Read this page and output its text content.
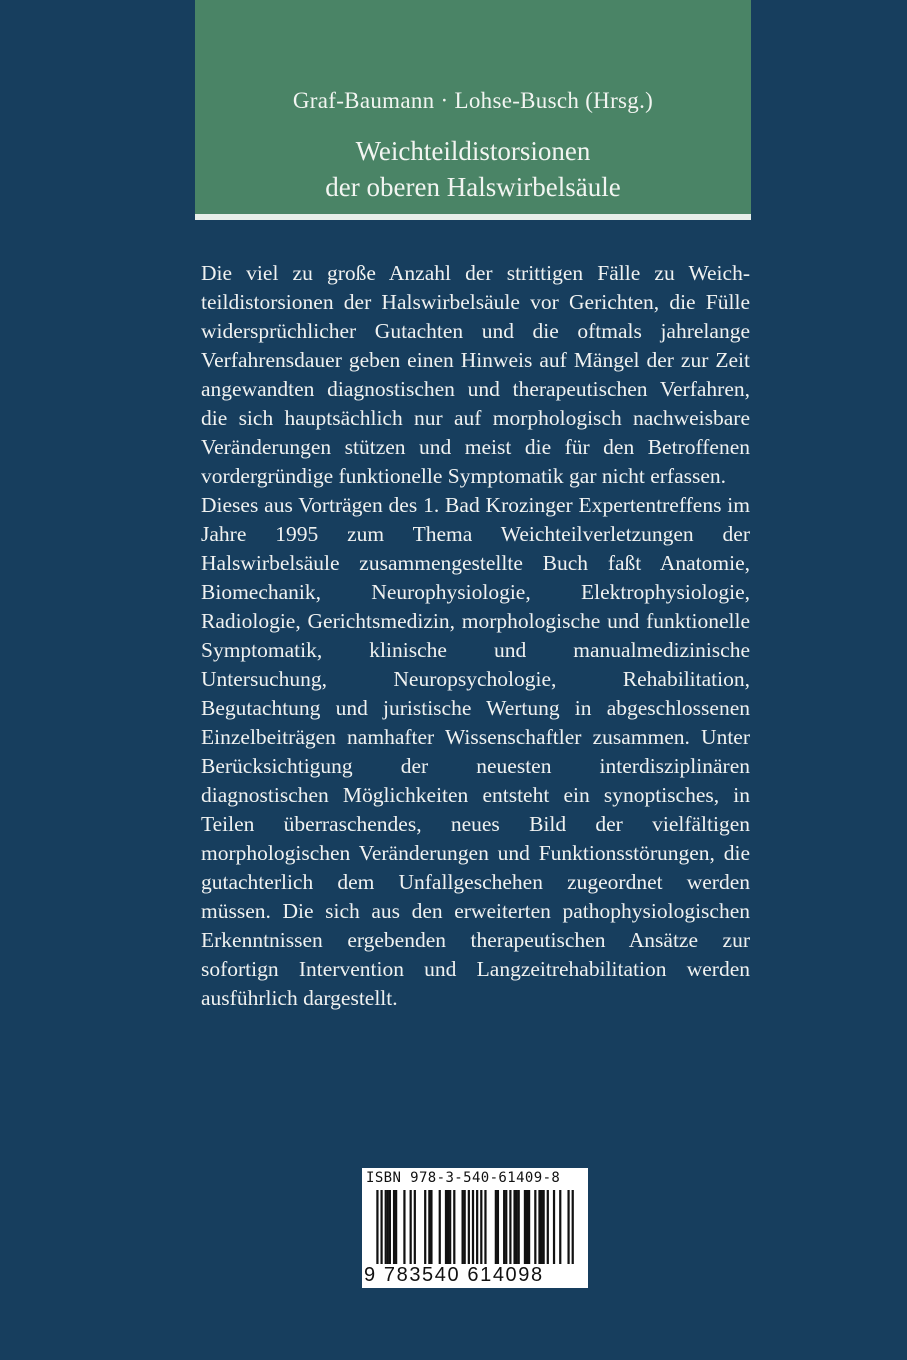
Graf-Baumann · Lohse-Busch (Hrsg.)
Weichteildistorsionen
der oberen Halswirbelsäule

Die viel zu große Anzahl der strittigen Fälle zu Weichteildistorsionen der Halswirbelsäule vor Gerichten, die Fülle widersprüchlicher Gutachten und die oftmals jahrelange Verfahrensdauer geben einen Hinweis auf Mängel der zur Zeit angewandten diagnostischen und therapeutischen Verfahren, die sich hauptsächlich nur auf morphologisch nachweisbare Veränderungen stützen und meist die für den Betroffenen vordergründige funktionelle Symptomatik gar nicht erfassen.

Dieses aus Vorträgen des 1. Bad Krozinger Expertentreffens im Jahre 1995 zum Thema Weichteilverletzungen der Halswirbelsäule zusammengestellte Buch faßt Anatomie, Biomechanik, Neurophysiologie, Elektrophysiologie, Radiologie, Gerichtsmedizin, morphologische und funktionelle Symptomatik, klinische und manualmedizinische Untersuchung, Neuropsychologie, Rehabilitation, Begutachtung und juristische Wertung in abgeschlossenen Einzelbeiträgen namhafter Wissenschaftler zusammen. Unter Berücksichtigung der neuesten interdisziplinären diagnostischen Möglichkeiten entsteht ein synoptisches, in Teilen überraschendes, neues Bild der vielfältigen morphologischen Veränderungen und Funktionsstörungen, die gutachterlich dem Unfallgeschehen zugeordnet werden müssen. Die sich aus den erweiterten pathophysiologischen Erkenntnissen ergebenden therapeutischen Ansätze zur sofortign Intervention und Langzeitrehabilitation werden ausführlich dargestellt.

ISBN 978-3-540-61409-8
9 783540 614098
